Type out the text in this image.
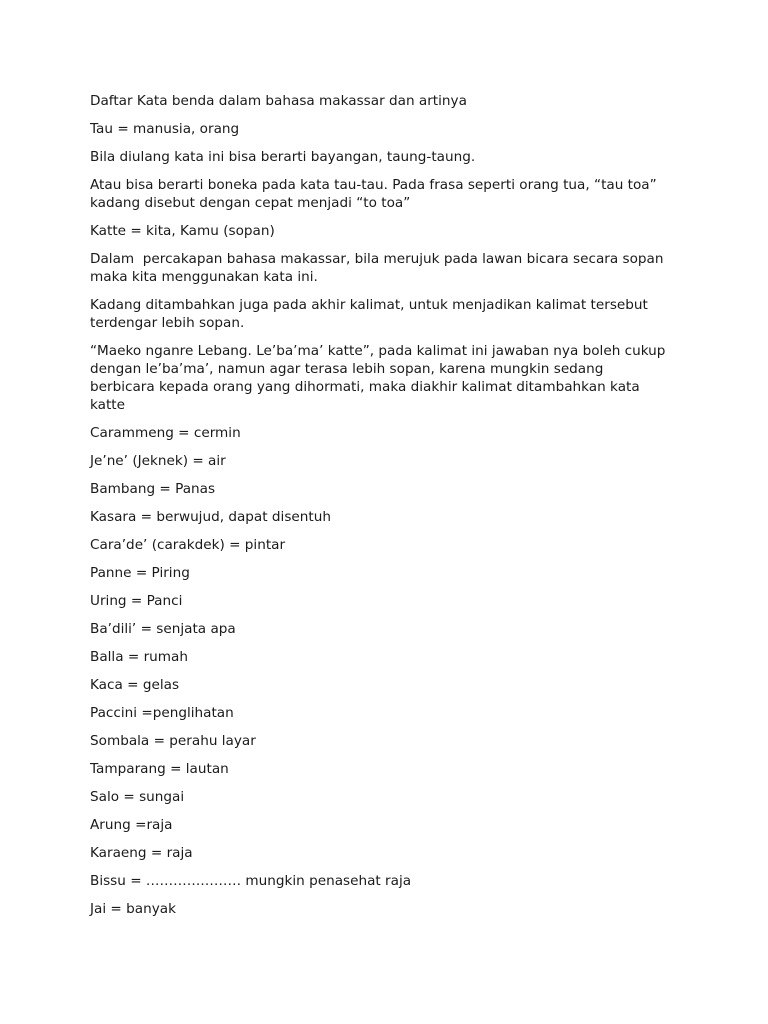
Daftar Kata benda dalam bahasa makassar dan artinya

Tau = manusia, orang

Bila diulang kata ini bisa berarti bayangan, taung-taung.

Atau bisa berarti boneka pada kata tau-tau. Pada frasa seperti orang tua, “tau toa”
kadang disebut dengan cepat menjadi “to toa”

Katte = kita, Kamu (sopan)

Dalam  percakapan bahasa makassar, bila merujuk pada lawan bicara secara sopan
maka kita menggunakan kata ini.

Kadang ditambahkan juga pada akhir kalimat, untuk menjadikan kalimat tersebut
terdengar lebih sopan.

“Maeko nganre Lebang. Le’ba’ma’ katte”, pada kalimat ini jawaban nya boleh cukup
dengan le’ba’ma’, namun agar terasa lebih sopan, karena mungkin sedang
berbicara kepada orang yang dihormati, maka diakhir kalimat ditambahkan kata
katte

Carammeng = cermin

Je’ne’ (Jeknek) = air

Bambang = Panas

Kasara = berwujud, dapat disentuh

Cara’de’ (carakdek) = pintar

Panne = Piring

Uring = Panci

Ba’dili’ = senjata apa

Balla = rumah

Kaca = gelas

Paccini =penglihatan

Sombala = perahu layar

Tamparang = lautan

Salo = sungai

Arung =raja

Karaeng = raja

Bissu = ………………… mungkin penasehat raja

Jai = banyak
